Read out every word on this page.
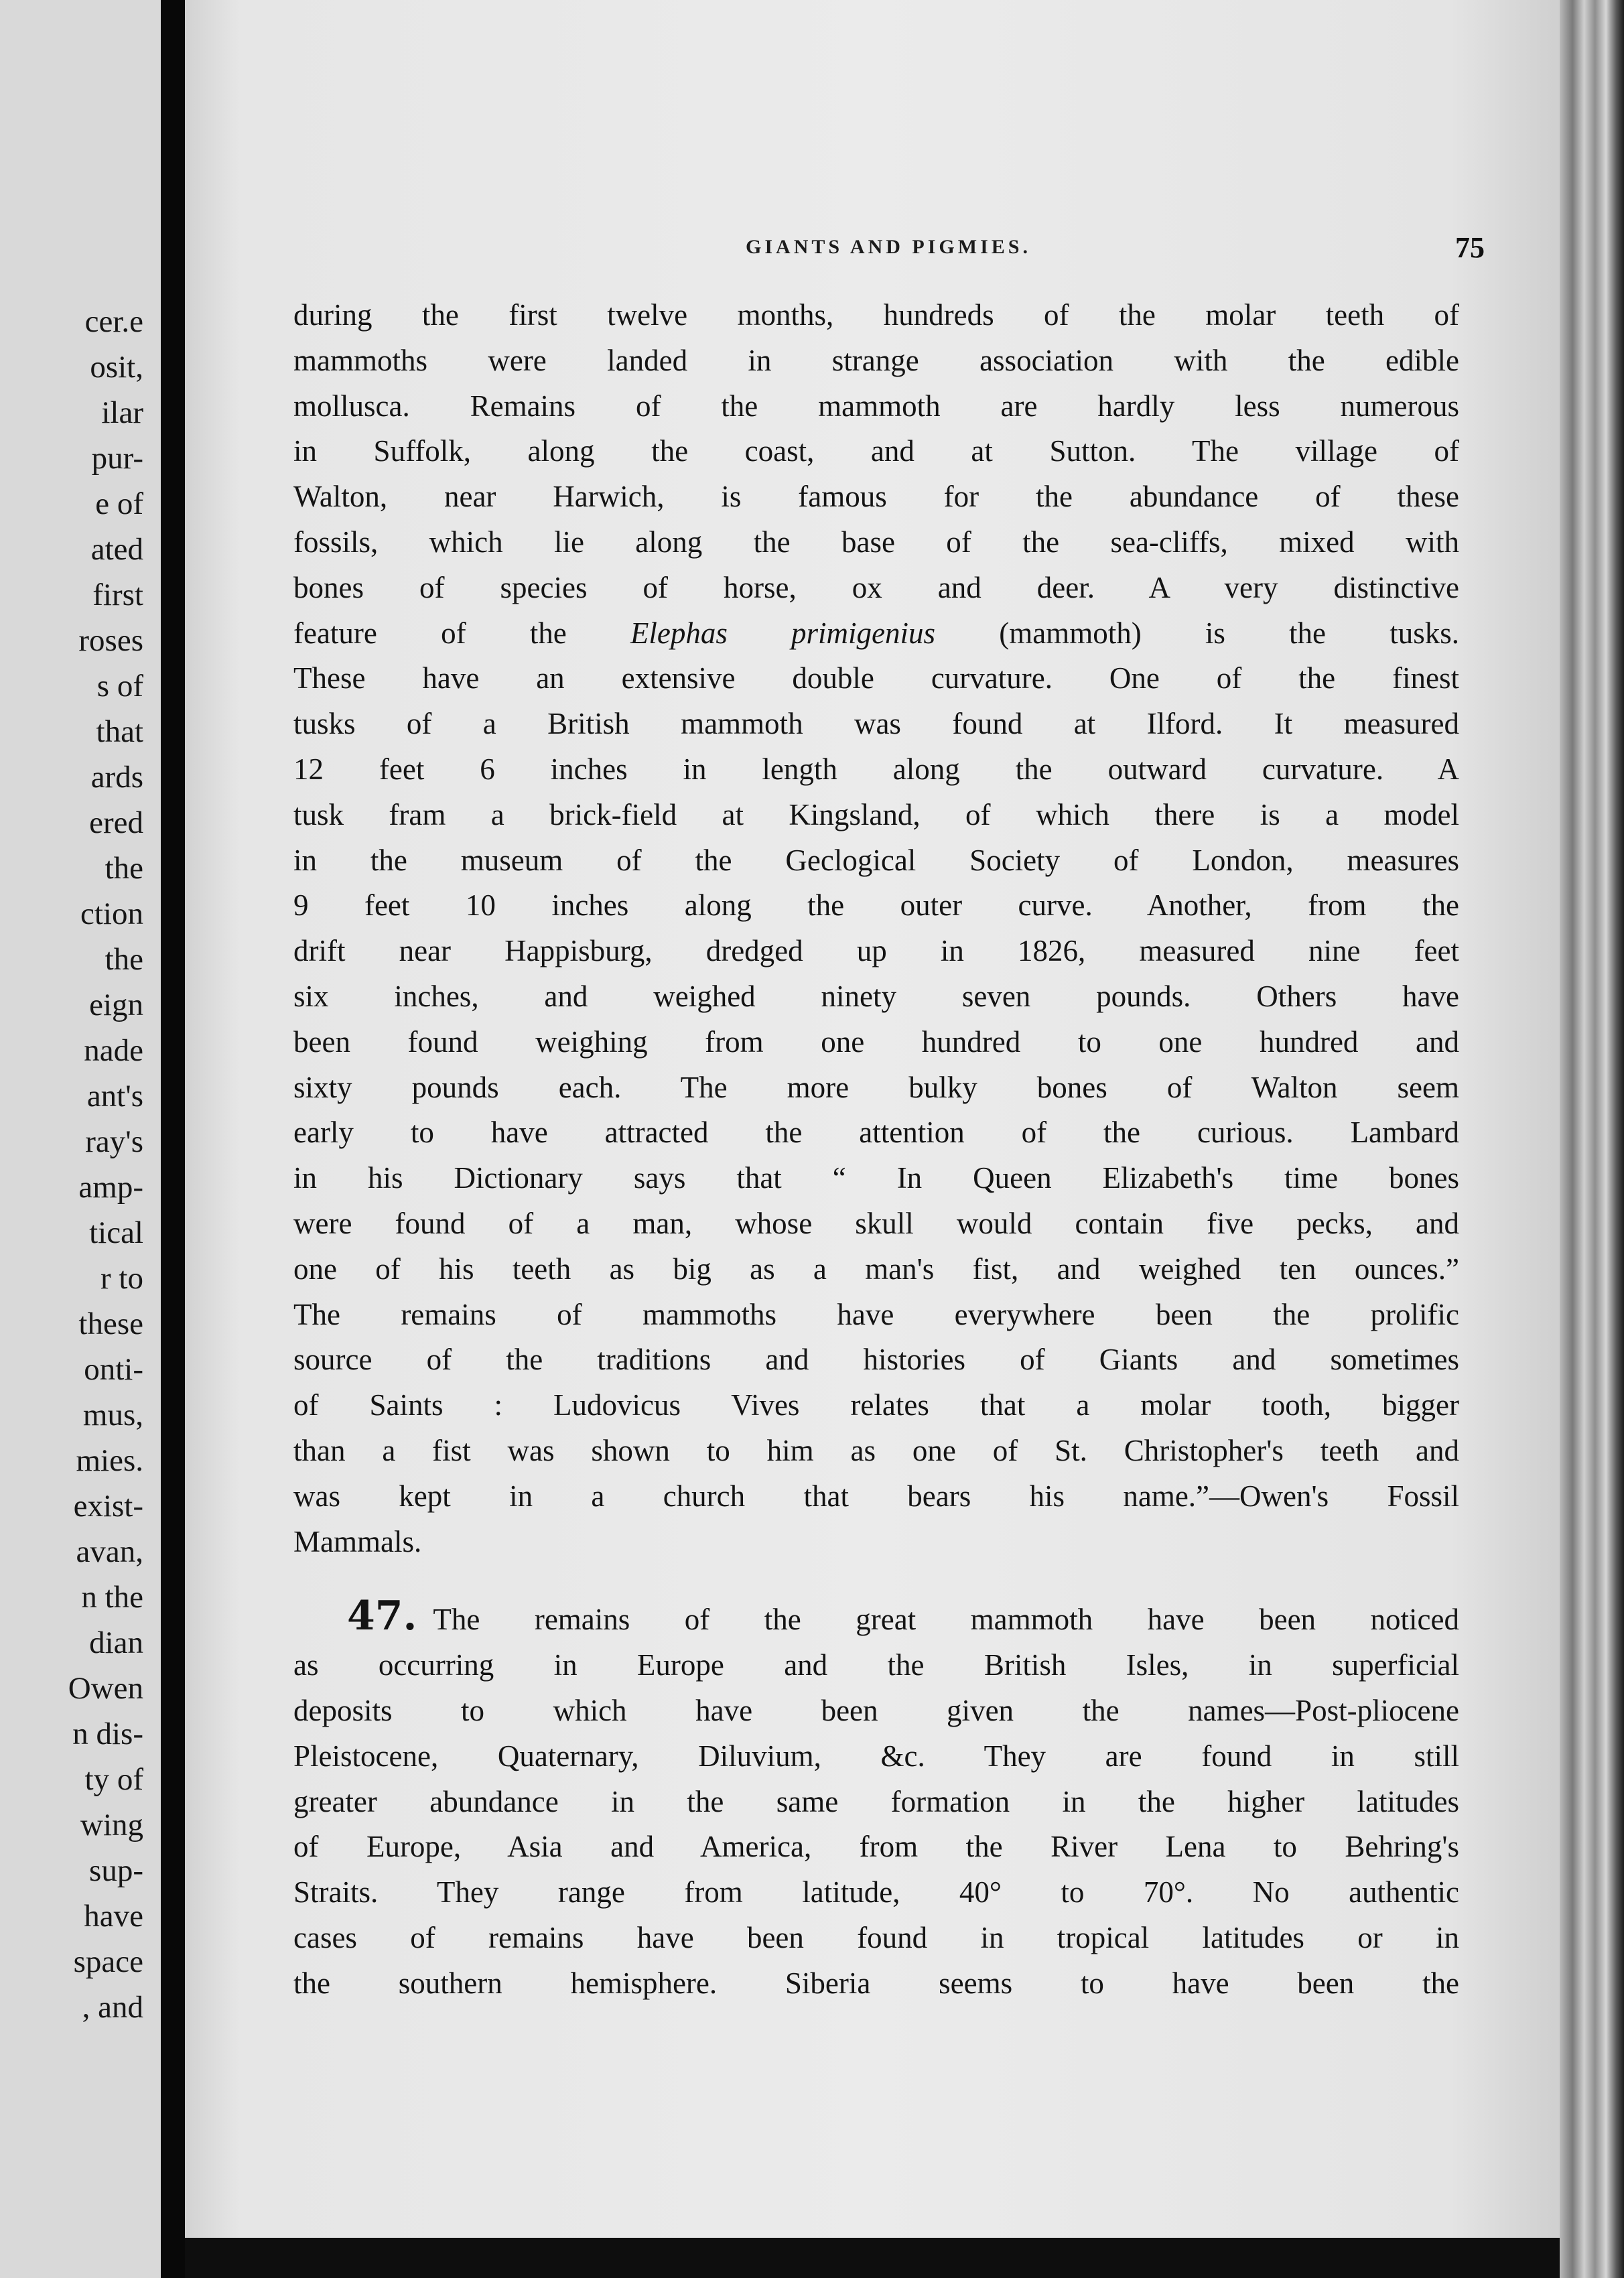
cer.e
osit,
ilar
pur-
e of
ated
first
roses
s of
that
ards
ered
the
ction
the
eign
nade
ant's
ray's
amp-
tical
r to
these
onti-
mus,
mies.
exist-
avan,
n the
dian
Owen
n dis-
ty of
wing
sup-
have
space
, and
GIANTS AND PIGMIES.	75
during the first twelve months, hundreds of the molar teeth of
mammoths were landed in strange association with the edible
mollusca. Remains of the mammoth are hardly less numerous
in Suffolk, along the coast, and at Sutton. The village of
Walton, near Harwich, is famous for the abundance of these
fossils, which lie along the base of the sea-cliffs, mixed with
bones of species of horse, ox and deer. A very distinctive
feature of the Elephas primigenius (mammoth) is the tusks.
These have an extensive double curvature. One of the finest
tusks of a British mammoth was found at Ilford. It measured
12 feet 6 inches in length along the outward curvature. A
tusk fram a brick-field at Kingsland, of which there is a model
in the museum of the Geclogical Society of London, measures
9 feet 10 inches along the outer curve. Another, from the
drift near Happisburg, dredged up in 1826, measured nine feet
six inches, and weighed ninety seven pounds. Others have
been found weighing from one hundred to one hundred and
sixty pounds each. The more bulky bones of Walton seem
early to have attracted the attention of the curious. Lambard
in his Dictionary says that “ In Queen Elizabeth's time bones
were found of a man, whose skull would contain five pecks, and
one of his teeth as big as a man's fist, and weighed ten ounces.”
The remains of mammoths have everywhere been the prolific
source of the traditions and histories of Giants and sometimes
of Saints : Ludovicus Vives relates that a molar tooth, bigger
than a fist was shown to him as one of St. Christopher's teeth and
was kept in a church that bears his name.”—Owen's Fossil
Mammals.
47. The remains of the great mammoth have been noticed
as occurring in Europe and the British Isles, in superficial
deposits to which have been given the names—Post-pliocene
Pleistocene, Quaternary, Diluvium, &c. They are found in still
greater abundance in the same formation in the higher latitudes
of Europe, Asia and America, from the River Lena to Behring's
Straits. They range from latitude, 40° to 70°. No authentic
cases of remains have been found in tropical latitudes or in
the southern hemisphere. Siberia seems to have been the
